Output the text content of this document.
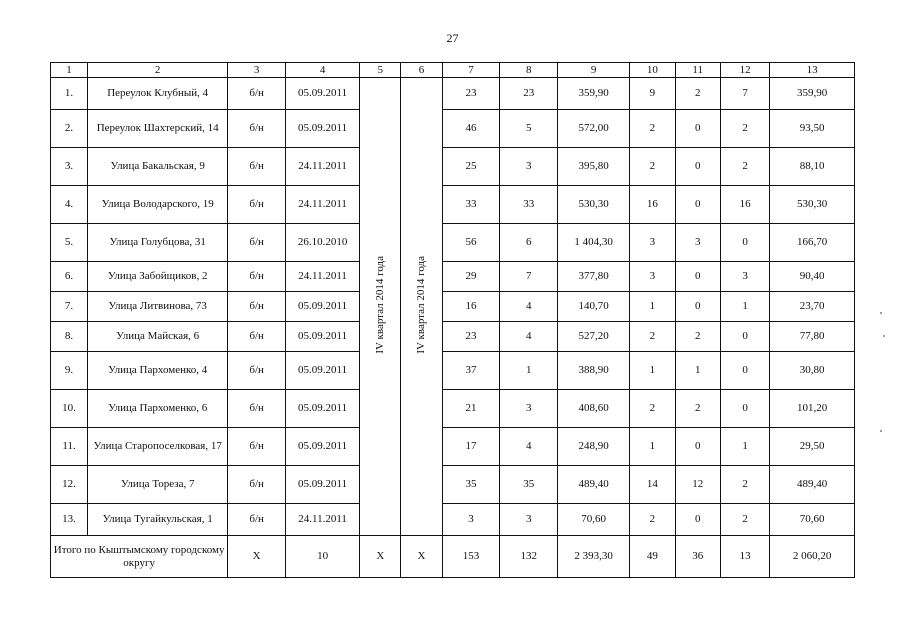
27
1	2	3	4	5	6	7	8	9	10	11	12	13
1.	Переулок Клубный, 4	б/н	05.09.2011	IV квартал 2014 года	IV квартал 2014 года	23	23	359,90	9	2	7	359,90
2.	Переулок Шахтерский, 14	б/н	05.09.2011			46	5	572,00	2	0	2	93,50
3.	Улица Бакальская, 9	б/н	24.11.2011			25	3	395,80	2	0	2	88,10
4.	Улица Володарского, 19	б/н	24.11.2011			33	33	530,30	16	0	16	530,30
5.	Улица Голубцова, 31	б/н	26.10.2010			56	6	1 404,30	3	3	0	166,70
6.	Улица Забойщиков, 2	б/н	24.11.2011			29	7	377,80	3	0	3	90,40
7.	Улица Литвинова, 73	б/н	05.09.2011			16	4	140,70	1	0	1	23,70
8.	Улица Майская, 6	б/н	05.09.2011			23	4	527,20	2	2	0	77,80
9.	Улица Пархоменко, 4	б/н	05.09.2011			37	1	388,90	1	1	0	30,80
10.	Улица Пархоменко, 6	б/н	05.09.2011			21	3	408,60	2	2	0	101,20
11.	Улица Старопоселковая, 17	б/н	05.09.2011			17	4	248,90	1	0	1	29,50
12.	Улица Тореза, 7	б/н	05.09.2011			35	35	489,40	14	12	2	489,40
13.	Улица Тугайкульская, 1	б/н	24.11.2011			3	3	70,60	2	0	2	70,60
Итого по Кыштымскому городскому округу		X	10	X	X	153	132	2 393,30	49	36	13	2 060,20
